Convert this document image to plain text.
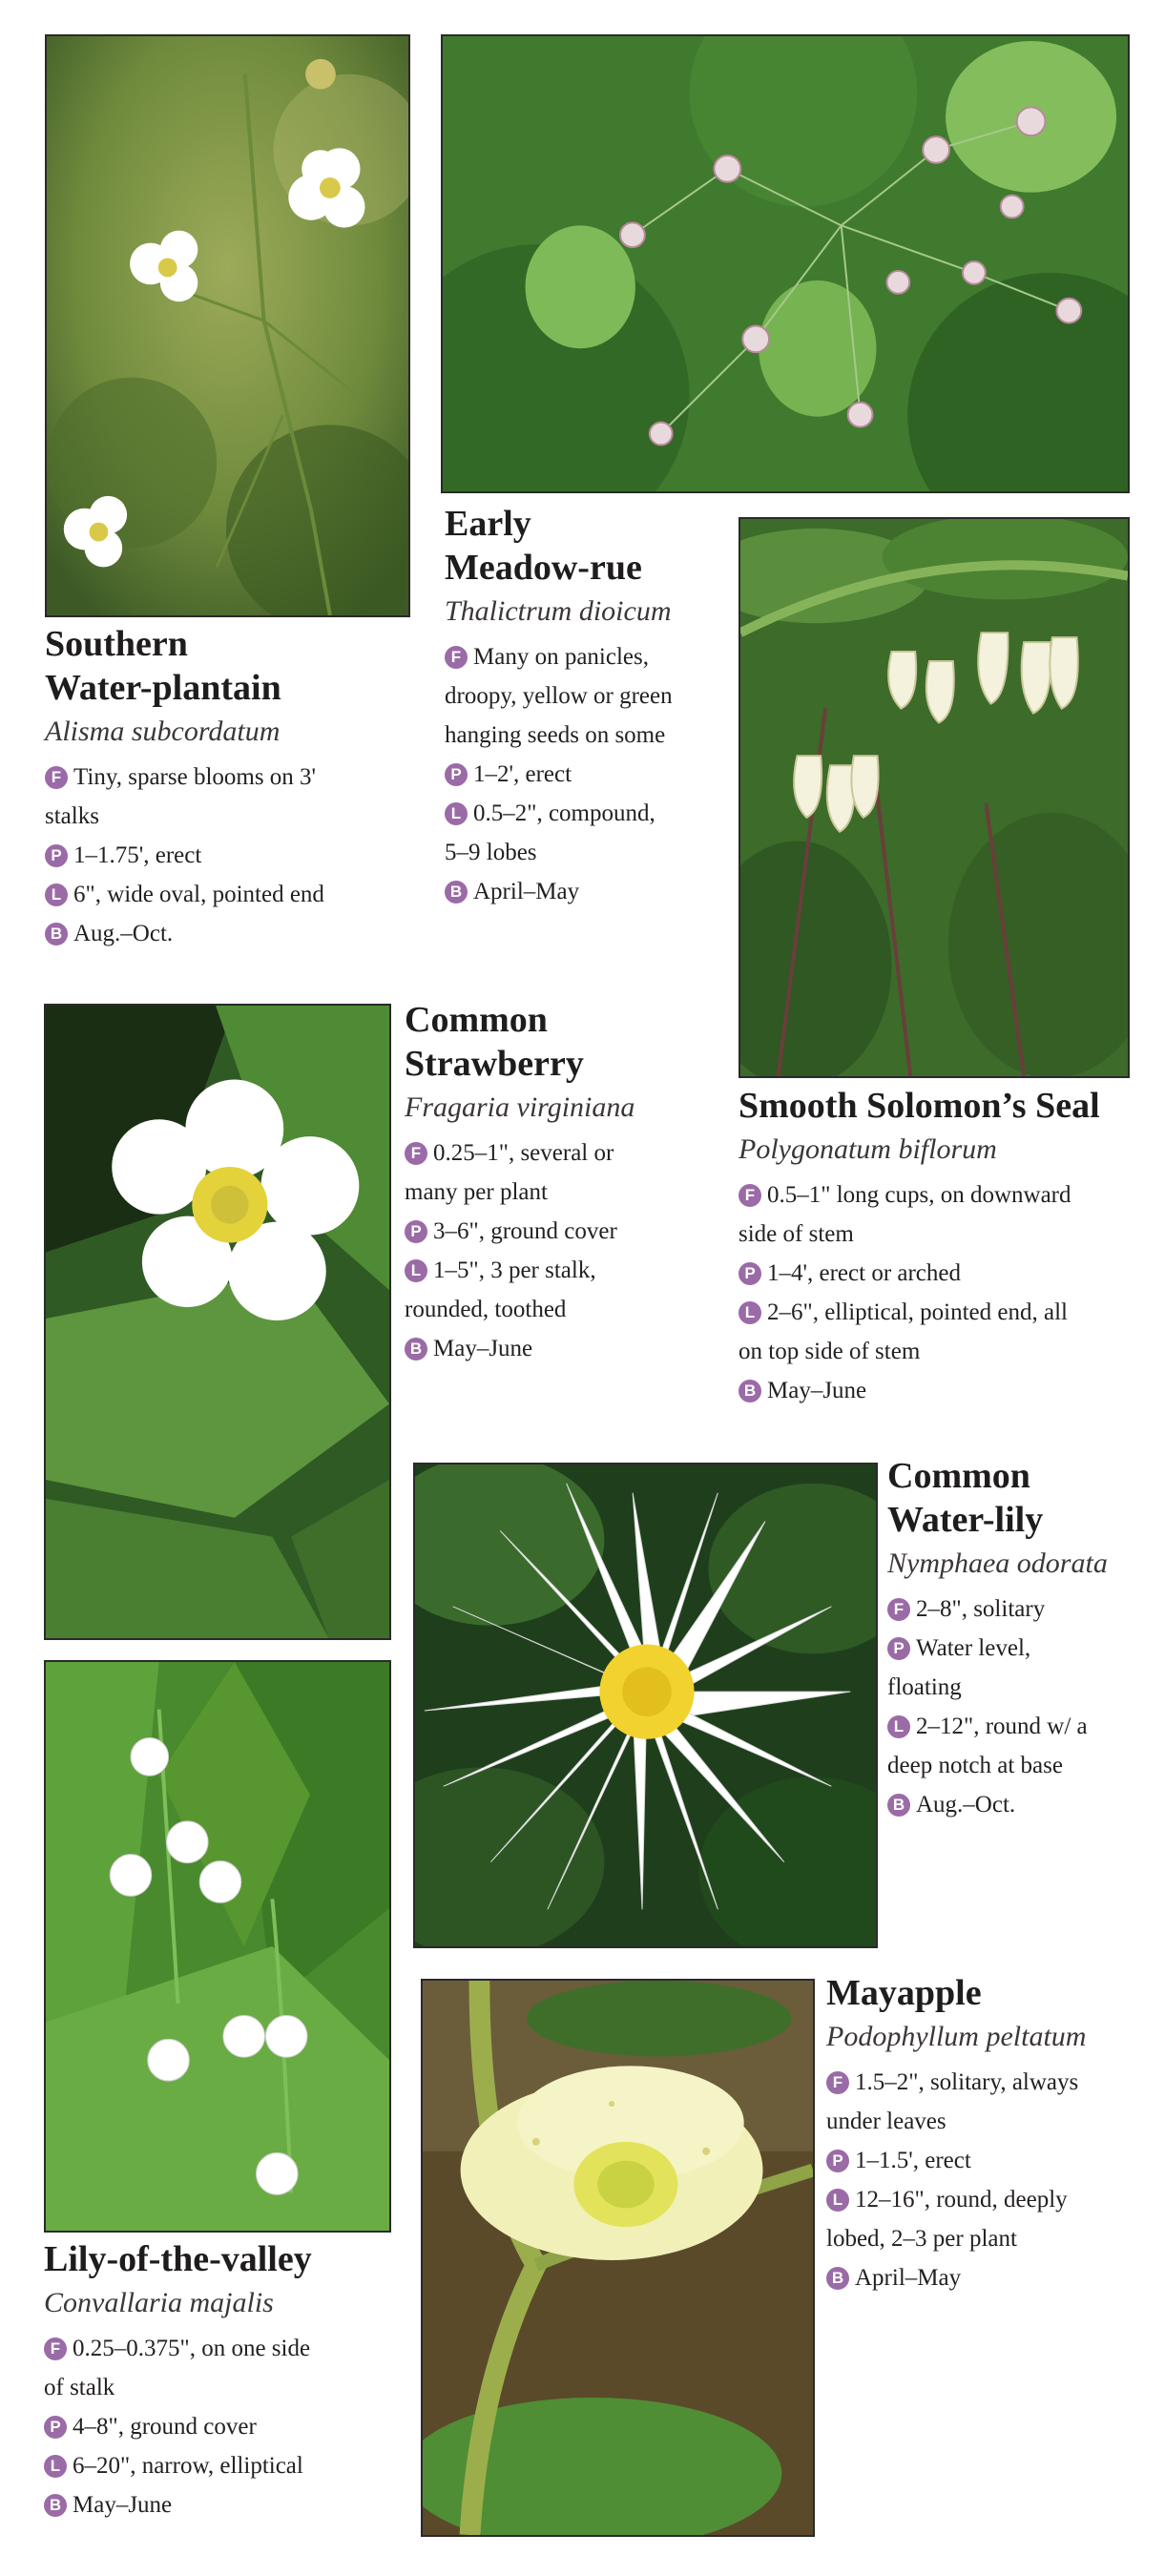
Southern
Water-plantain
Alisma subcordatum
F Tiny, sparse blooms on 3'
stalks
P 1–1.75', erect
L 6", wide oval, pointed end
B Aug.–Oct.
Early
Meadow-rue
Thalictrum dioicum
F Many on panicles,
droopy, yellow or green
hanging seeds on some
P 1–2', erect
L 0.5–2", compound,
5–9 lobes
B April–May
Smooth Solomon’s Seal
Polygonatum biflorum
F 0.5–1" long cups, on downward
side of stem
P 1–4', erect or arched
L 2–6", elliptical, pointed end, all
on top side of stem
B May–June
Common
Strawberry
Fragaria virginiana
F 0.25–1", several or
many per plant
P 3–6", ground cover
L 1–5", 3 per stalk,
rounded, toothed
B May–June
Common
Water-lily
Nymphaea odorata
F 2–8", solitary
P Water level,
floating
L 2–12", round w/ a
deep notch at base
B Aug.–Oct.
Lily-of-the-valley
Convallaria majalis
F 0.25–0.375", on one side
of stalk
P 4–8", ground cover
L 6–20", narrow, elliptical
B May–June
Mayapple
Podophyllum peltatum
F 1.5–2", solitary, always
under leaves
P 1–1.5', erect
L 12–16", round, deeply
lobed, 2–3 per plant
B April–May
